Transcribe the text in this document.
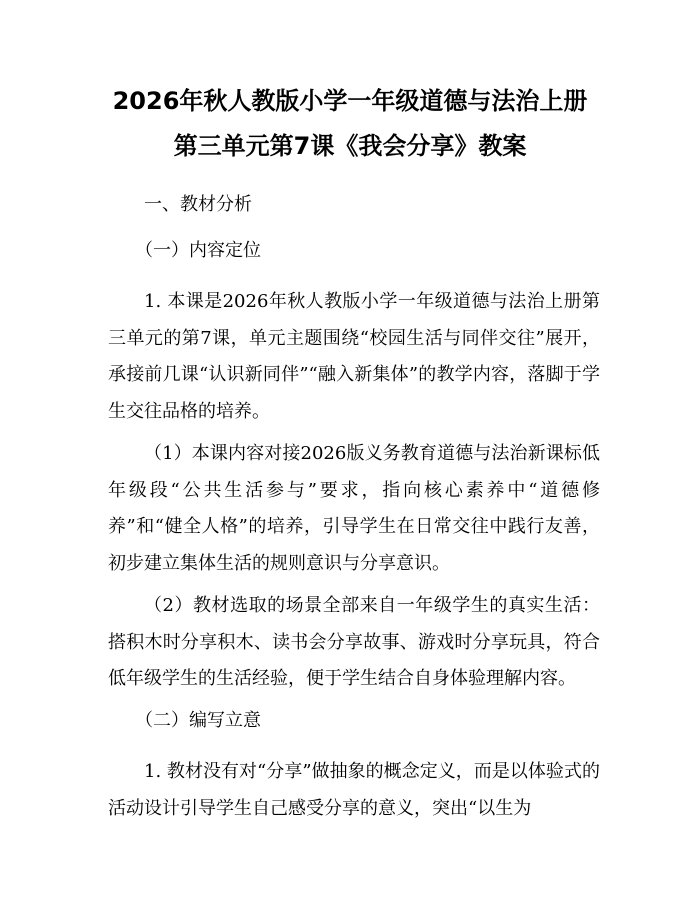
2026年秋人教版小学一年级道德与法治上册
第三单元第7课《我会分享》教案
一、教材分析
（一）内容定位
1. 本课是2026年秋人教版小学一年级道德与法治上册第三单元的第7课，单元主题围绕“校园生活与同伴交往”展开，承接前几课“认识新同伴”“融入新集体”的教学内容，落脚于学生交往品格的培养。
（1）本课内容对接2026版义务教育道德与法治新课标低年级段“公共生活参与”要求，指向核心素养中“道德修养”和“健全人格”的培养，引导学生在日常交往中践行友善，初步建立集体生活的规则意识与分享意识。
（2）教材选取的场景全部来自一年级学生的真实生活：搭积木时分享积木、读书会分享故事、游戏时分享玩具，符合低年级学生的生活经验，便于学生结合自身体验理解内容。
（二）编写立意
1. 教材没有对“分享”做抽象的概念定义，而是以体验式的活动设计引导学生自己感受分享的意义，突出“以生为
